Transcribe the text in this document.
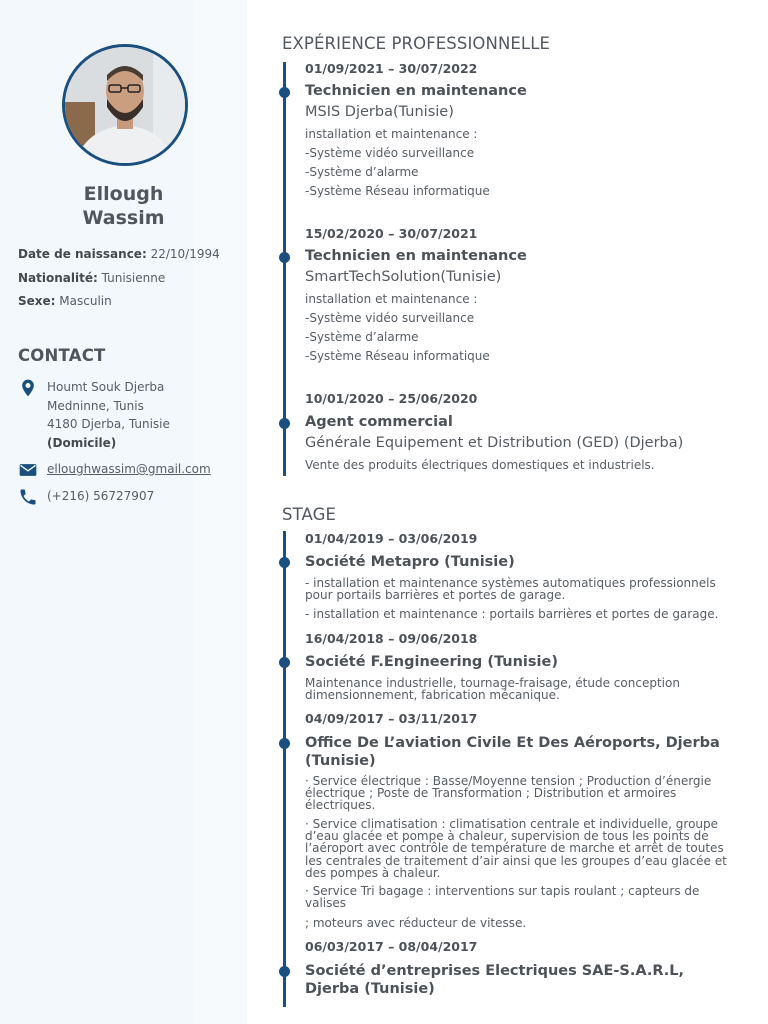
Ellough
Wassim
Date de naissance: 22/10/1994
Nationalité: Tunisienne
Sexe: Masculin
CONTACT
Houmt Souk Djerba
Medninne, Tunis
4180 Djerba, Tunisie
(Domicile)
elloughwassim@gmail.com
(+216) 56727907
EXPÉRIENCE PROFESSIONNELLE
01/09/2021 – 30/07/2022
Technicien en maintenance
MSIS Djerba(Tunisie)
installation et maintenance :
-Système vidéo surveillance
-Système d’alarme
-Système Réseau informatique
15/02/2020 – 30/07/2021
Technicien en maintenance
SmartTechSolution(Tunisie)
installation et maintenance :
-Système vidéo surveillance
-Système d’alarme
-Système Réseau informatique
10/01/2020 – 25/06/2020
Agent commercial
Générale Equipement et Distribution (GED) (Djerba)
Vente des produits électriques domestiques et industriels.
STAGE
01/04/2019 – 03/06/2019
Société Metapro (Tunisie)
- installation et maintenance systèmes automatiques professionnels pour portails barrières et portes de garage.
- installation et maintenance : portails barrières et portes de garage.
16/04/2018 – 09/06/2018
Société F.Engineering (Tunisie)
Maintenance industrielle, tournage-fraisage, étude conception dimensionnement, fabrication mécanique.
04/09/2017 – 03/11/2017
Office De L’aviation Civile Et Des Aéroports, Djerba (Tunisie)
· Service électrique : Basse/Moyenne tension ; Production d’énergie électrique ; Poste de Transformation ; Distribution et armoires électriques.
· Service climatisation : climatisation centrale et individuelle, groupe d’eau glacée et pompe à chaleur, supervision de tous les points de l’aéroport avec contrôle de température de marche et arrêt de toutes les centrales de traitement d’air ainsi que les groupes d’eau glacée et des pompes à chaleur.
· Service Tri bagage : interventions sur tapis roulant ; capteurs de valises
; moteurs avec réducteur de vitesse.
06/03/2017 – 08/04/2017
Société d’entreprises Electriques SAE-S.A.R.L, Djerba (Tunisie)
